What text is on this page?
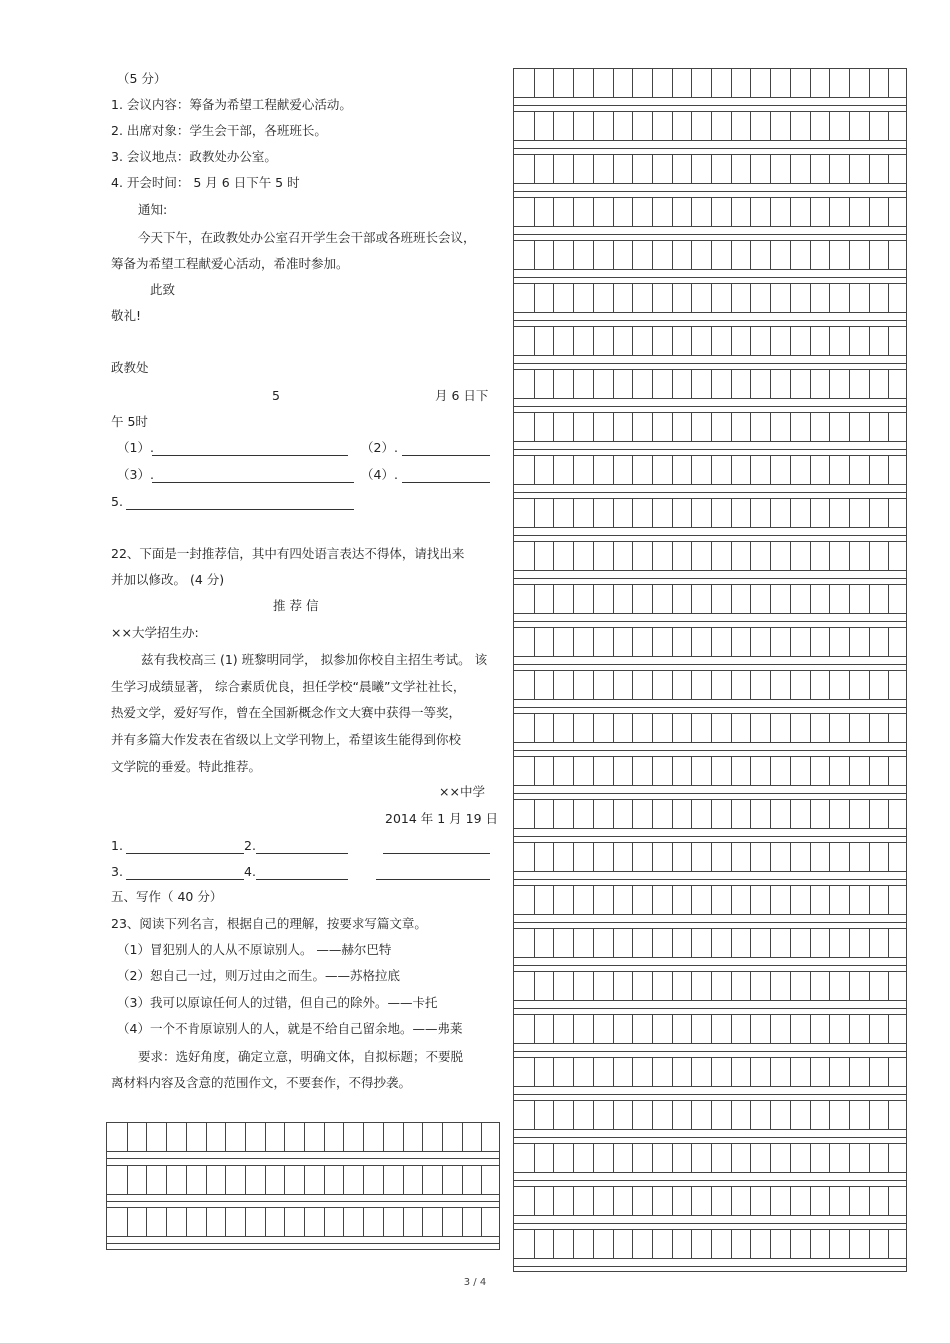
（5 分）
1. 会议内容：筹备为希望工程献爱心活动。
2. 出席对象：学生会干部，各班班长。
3. 会议地点：政教处办公室。
4. 开会时间： 5 月 6 日下午 5 时
通知:
今天下午，在政教处办公室召开学生会干部或各班班长会议，
筹备为希望工程献爱心活动，希准时参加。
此致
敬礼!
政教处
5	月 6 日下
午 5时
（1）.	（2）.
（3）.	（4）.
5.
22、下面是一封推荐信，其中有四处语言表达不得体，请找出来
并加以修改。 (4 分)
推 荐 信
××大学招生办:
兹有我校高三 (1) 班黎明同学， 拟参加你校自主招生考试。 该
生学习成绩显著， 综合素质优良，担任学校“晨曦”文学社社长，
热爱文学，爱好写作，曾在全国新概念作文大赛中获得一等奖，
并有多篇大作发表在省级以上文学刊物上，希望该生能得到你校
文学院的垂爱。特此推荐。
××中学
2014 年 1 月 19 日
1.	2.
3.	4.
五、写作（ 40 分）
23、阅读下列名言，根据自己的理解，按要求写篇文章。
（1）冒犯别人的人从不原谅别人。 ——赫尔巴特
（2）恕自己一过，则万过由之而生。——苏格拉底
（3）我可以原谅任何人的过错，但自己的除外。——卡托
（4）一个不肯原谅别人的人，就是不给自己留余地。——弗莱
要求：选好角度，确定立意，明确文体，自拟标题；不要脱
离材料内容及含意的范围作文，不要套作，不得抄袭。
3 / 4
